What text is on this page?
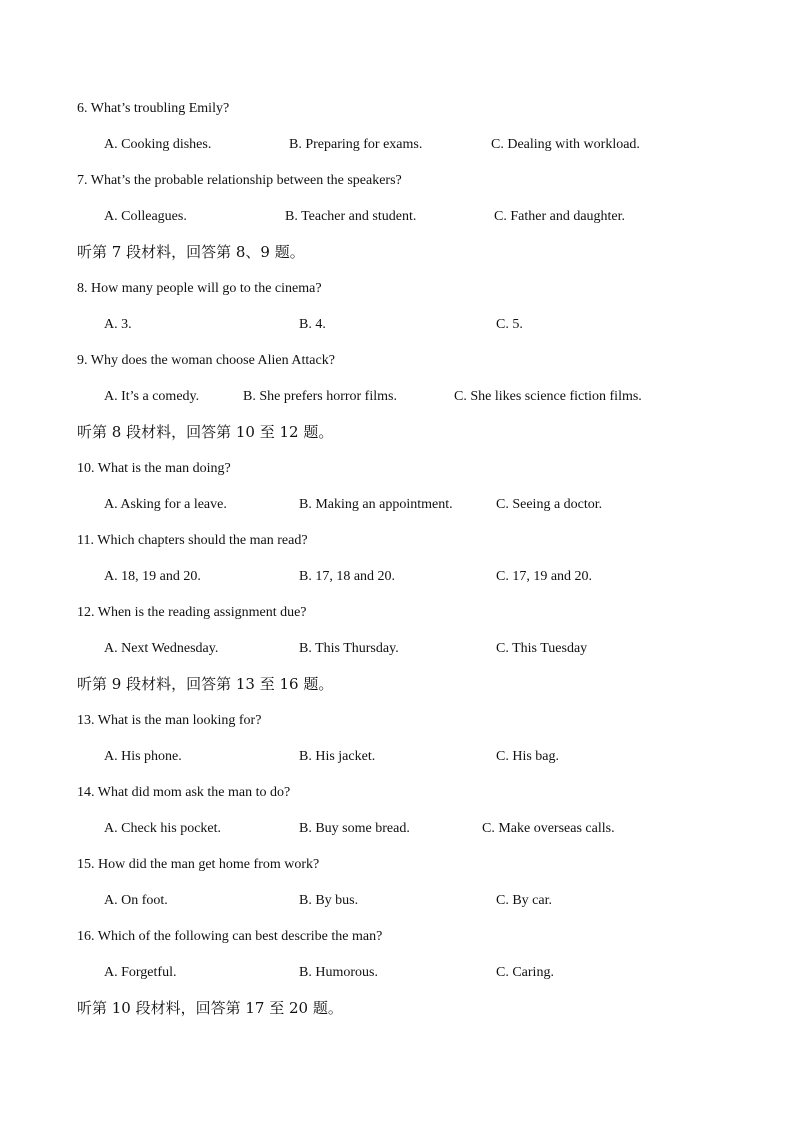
6. What’s troubling Emily?
A. Cooking dishes.	B. Preparing for exams.	C. Dealing with workload.
7. What’s the probable relationship between the speakers?
A. Colleagues.	B. Teacher and student.	C. Father and daughter.
听第 7 段材料，回答第 8、9 题。
8. How many people will go to the cinema?
A. 3.	B. 4.	C. 5.
9. Why does the woman choose Alien Attack?
A. It’s a comedy.	B. She prefers horror films.	C. She likes science fiction films.
听第 8 段材料，回答第 10 至 12 题。
10. What is the man doing?
A. Asking for a leave.	B. Making an appointment.	C. Seeing a doctor.
11. Which chapters should the man read?
A. 18, 19 and 20.	B. 17, 18 and 20.	C. 17, 19 and 20.
12. When is the reading assignment due?
A. Next Wednesday.	B. This Thursday.	C. This Tuesday
听第 9 段材料，回答第 13 至 16 题。
13. What is the man looking for?
A. His phone.	B. His jacket.	C. His bag.
14. What did mom ask the man to do?
A. Check his pocket.	B. Buy some bread.	C. Make overseas calls.
15. How did the man get home from work?
A. On foot.	B. By bus.	C. By car.
16. Which of the following can best describe the man?
A. Forgetful.	B. Humorous.	C. Caring.
听第 10 段材料，回答第 17 至 20 题。
